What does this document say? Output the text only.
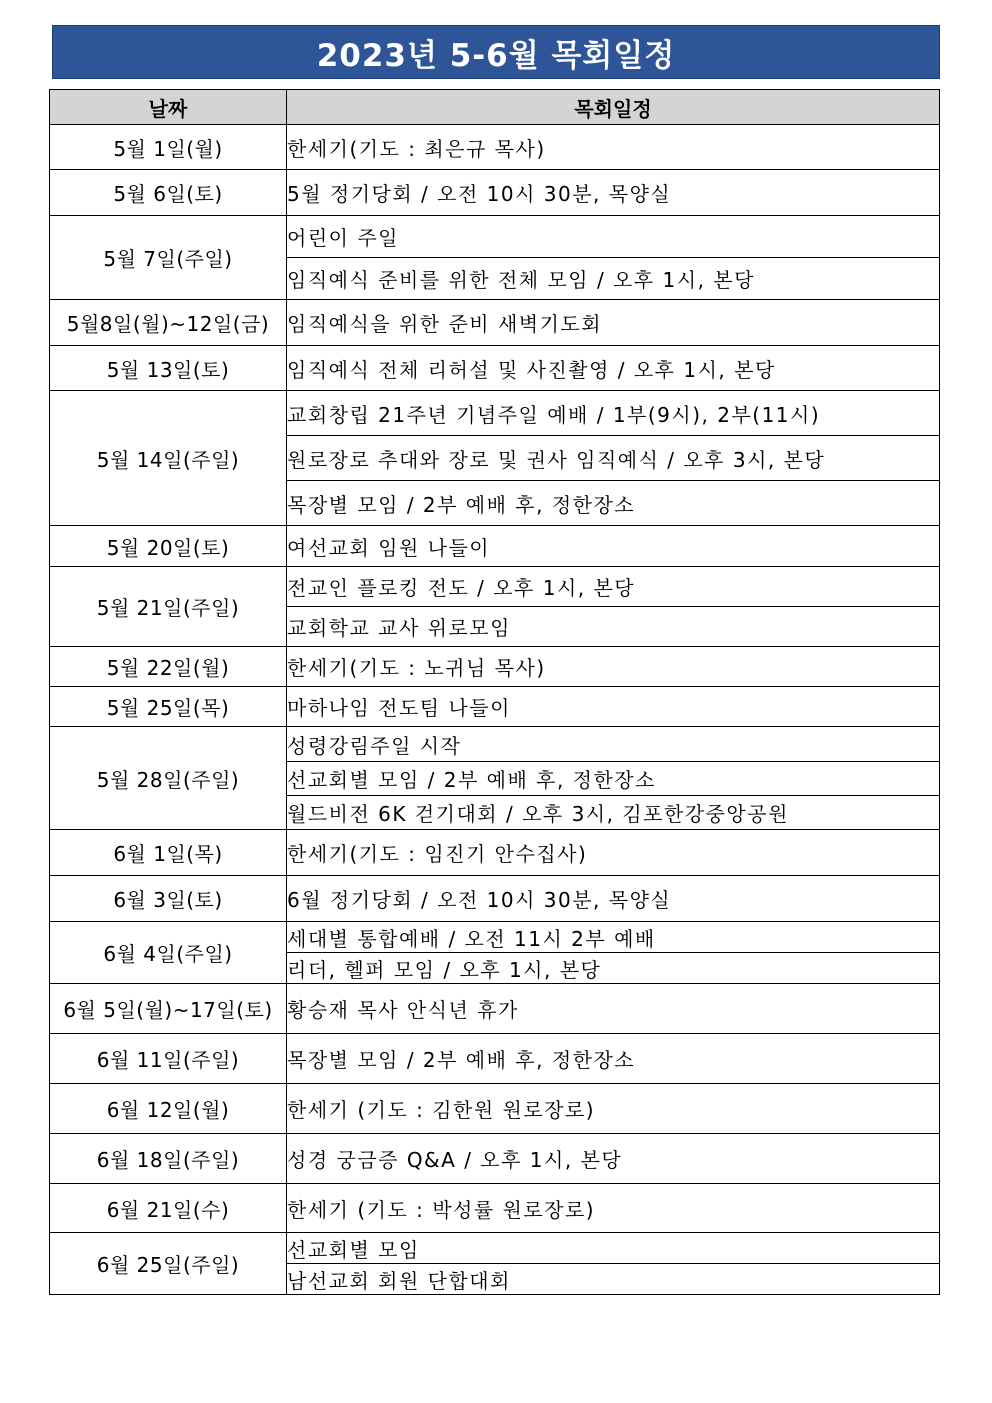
2023년 5-6월 목회일정
날짜	목회일정
5월 1일(월)	한세기(기도 : 최은규 목사)
5월 6일(토)	5월 정기당회 / 오전 10시 30분, 목양실
5월 7일(주일)	어린이 주일
	임직예식 준비를 위한 전체 모임 / 오후 1시, 본당
5월8일(월)~12일(금)	임직예식을 위한 준비 새벽기도회
5월 13일(토)	임직예식 전체 리허설 및 사진촬영 / 오후 1시, 본당
5월 14일(주일)	교회창립 21주년 기념주일 예배 / 1부(9시), 2부(11시)
	원로장로 추대와 장로 및 권사 임직예식 / 오후 3시, 본당
	목장별 모임 / 2부 예배 후, 정한장소
5월 20일(토)	여선교회 임원 나들이
5월 21일(주일)	전교인 플로킹 전도 / 오후 1시, 본당
	교회학교 교사 위로모임
5월 22일(월)	한세기(기도 : 노귀님 목사)
5월 25일(목)	마하나임 전도팀 나들이
5월 28일(주일)	성령강림주일 시작
	선교회별 모임 / 2부 예배 후, 정한장소
	월드비전 6K 걷기대회 / 오후 3시, 김포한강중앙공원
6월 1일(목)	한세기(기도 : 임진기 안수집사)
6월 3일(토)	6월 정기당회 / 오전 10시 30분, 목양실
6월 4일(주일)	세대별 통합예배 / 오전 11시 2부 예배
	리더, 헬퍼 모임 / 오후 1시, 본당
6월 5일(월)~17일(토)	황승재 목사 안식년 휴가
6월 11일(주일)	목장별 모임 / 2부 예배 후, 정한장소
6월 12일(월)	한세기 (기도 : 김한원 원로장로)
6월 18일(주일)	성경 궁금증 Q&A / 오후 1시, 본당
6월 21일(수)	한세기 (기도 : 박성률 원로장로)
6월 25일(주일)	선교회별 모임
	남선교회 회원 단합대회
